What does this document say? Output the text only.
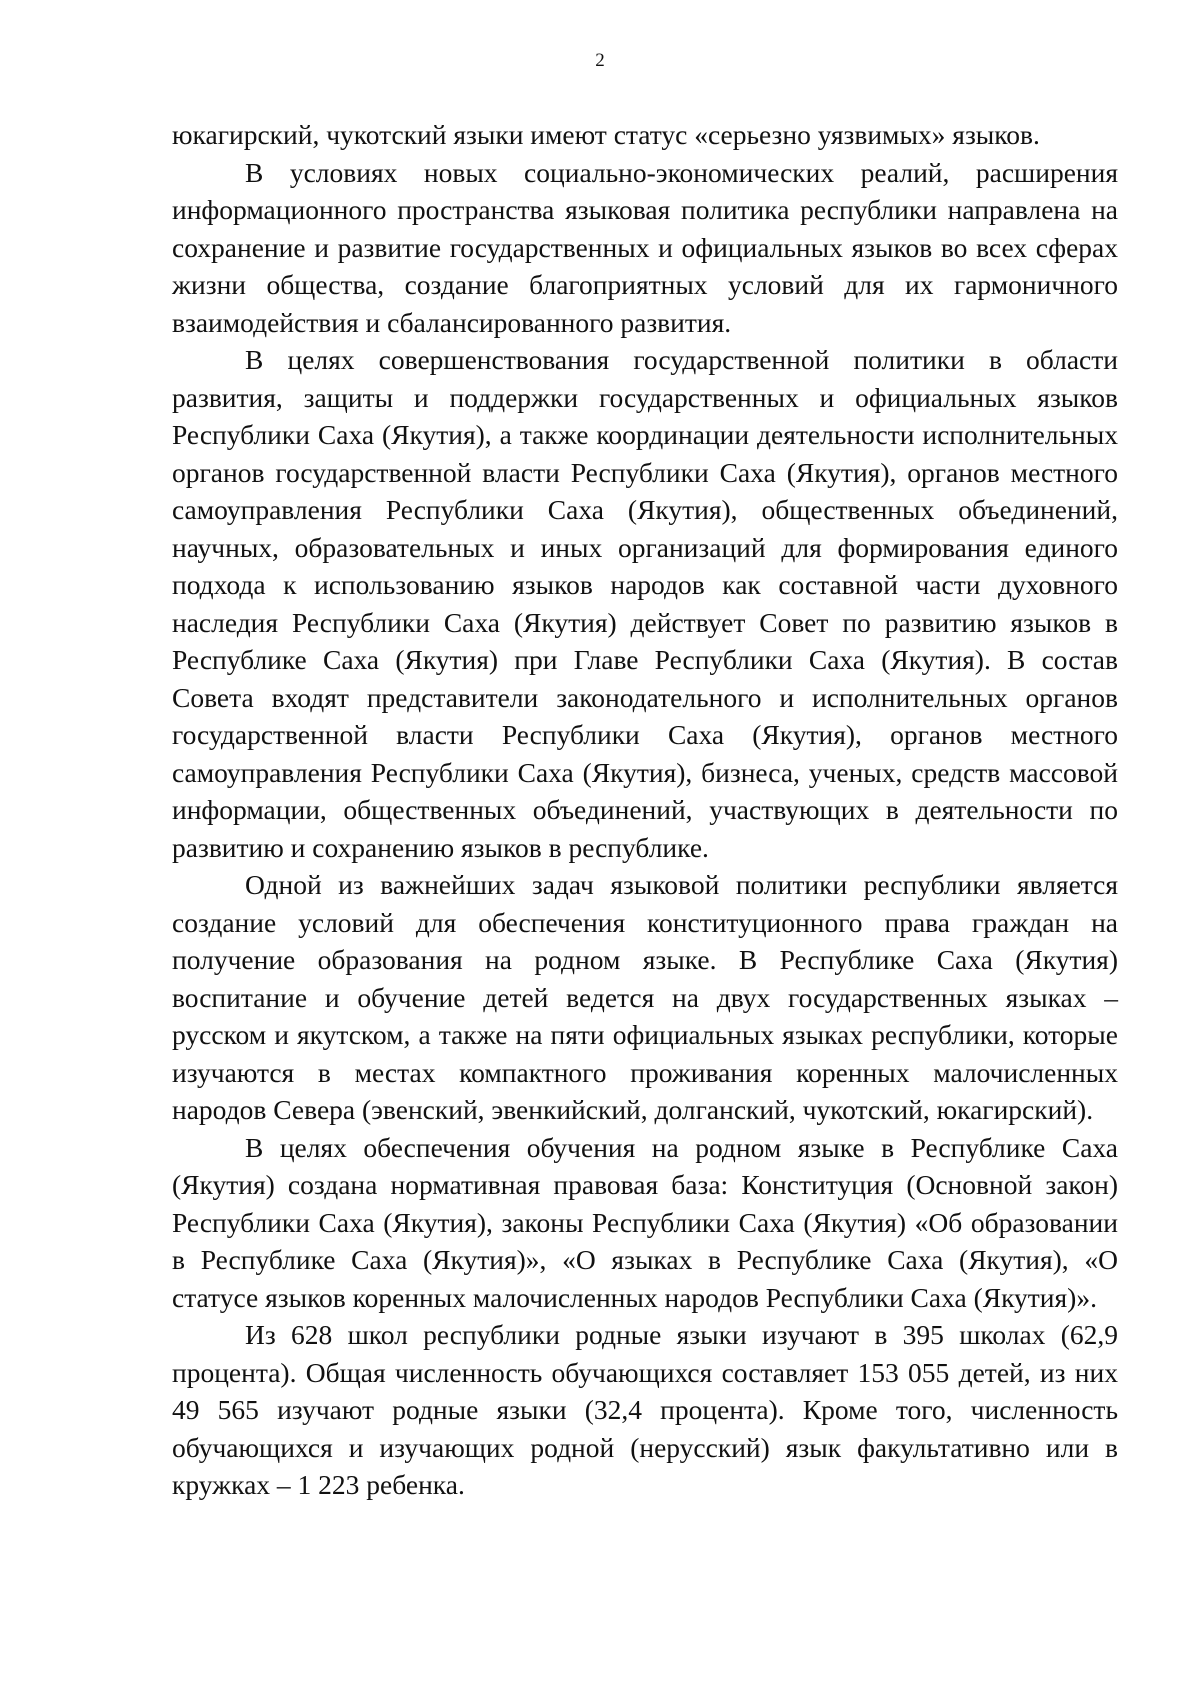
2

юкагирский, чукотский языки имеют статус «серьезно уязвимых» языков.

В условиях новых социально-экономических реалий, расширения информационного пространства языковая политика республики направлена на сохранение и развитие государственных и официальных языков во всех сферах жизни общества, создание благоприятных условий для их гармоничного взаимодействия и сбалансированного развития.

В целях совершенствования государственной политики в области развития, защиты и поддержки государственных и официальных языков Республики Саха (Якутия), а также координации деятельности исполнительных органов государственной власти Республики Саха (Якутия), органов местного самоуправления Республики Саха (Якутия), общественных объединений, научных, образовательных и иных организаций для формирования единого подхода к использованию языков народов как составной части духовного наследия Республики Саха (Якутия) действует Совет по развитию языков в Республике Саха (Якутия) при Главе Республики Саха (Якутия). В состав Совета входят представители законодательного и исполнительных органов государственной власти Республики Саха (Якутия), органов местного самоуправления Республики Саха (Якутия), бизнеса, ученых, средств массовой информации, общественных объединений, участвующих в деятельности по развитию и сохранению языков в республике.

Одной из важнейших задач языковой политики республики является создание условий для обеспечения конституционного права граждан на получение образования на родном языке. В Республике Саха (Якутия) воспитание и обучение детей ведется на двух государственных языках – русском и якутском, а также на пяти официальных языках республики, которые изучаются в местах компактного проживания коренных малочисленных народов Севера (эвенский, эвенкийский, долганский, чукотский, юкагирский).

В целях обеспечения обучения на родном языке в Республике Саха (Якутия) создана нормативная правовая база: Конституция (Основной закон) Республики Саха (Якутия), законы Республики Саха (Якутия) «Об образовании в Республике Саха (Якутия)», «О языках в Республике Саха (Якутия), «О статусе языков коренных малочисленных народов Республики Саха (Якутия)».

Из 628 школ республики родные языки изучают в 395 школах (62,9 процента). Общая численность обучающихся составляет 153 055 детей, из них 49 565 изучают родные языки (32,4 процента). Кроме того, численность обучающихся и изучающих родной (нерусский) язык факультативно или в кружках – 1 223 ребенка.
